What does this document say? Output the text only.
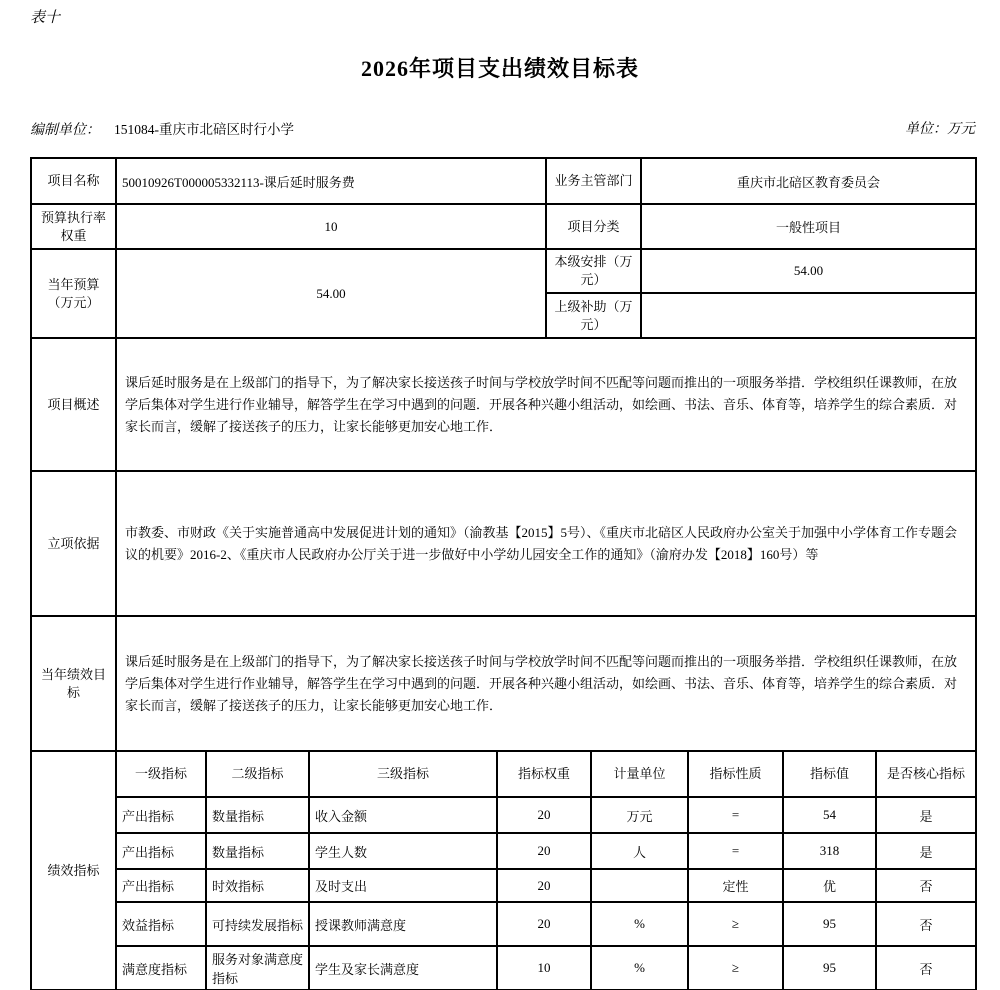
表十
2026年项目支出绩效目标表
编制单位： 151084-重庆市北碚区时行小学	单位：万元
项目名称	50010926T000005332113-课后延时服务费	业务主管部门	重庆市北碚区教育委员会
预算执行率权重	10	项目分类	一般性项目
当年预算（万元）	54.00	本级安排（万元）	54.00
		上级补助（万元）	
项目概述	课后延时服务是在上级部门的指导下，为了解决家长接送孩子时间与学校放学时间不匹配等问题而推出的一项服务举措．学校组织任课教师，在放学后集体对学生进行作业辅导，解答学生在学习中遇到的问题．开展各种兴趣小组活动，如绘画、书法、音乐、体育等，培养学生的综合素质．对家长而言，缓解了接送孩子的压力，让家长能够更加安心地工作．
立项依据	市教委、市财政《关于实施普通高中发展促进计划的通知》（渝教基【2015】5号）、《重庆市北碚区人民政府办公室关于加强中小学体育工作专题会议的机要》2016-2、《重庆市人民政府办公厅关于进一步做好中小学幼儿园安全工作的通知》（渝府办发【2018】160号）等
当年绩效目标	课后延时服务是在上级部门的指导下，为了解决家长接送孩子时间与学校放学时间不匹配等问题而推出的一项服务举措．学校组织任课教师，在放学后集体对学生进行作业辅导，解答学生在学习中遇到的问题．开展各种兴趣小组活动，如绘画、书法、音乐、体育等，培养学生的综合素质．对家长而言，缓解了接送孩子的压力，让家长能够更加安心地工作．
绩效指标	一级指标	二级指标	三级指标	指标权重	计量单位	指标性质	指标值	是否核心指标
	产出指标	数量指标	收入金额	20	万元	=	54	是
	产出指标	数量指标	学生人数	20	人	=	318	是
	产出指标	时效指标	及时支出	20		定性	优	否
	效益指标	可持续发展指标	授课教师满意度	20	%	≥	95	否
	满意度指标	服务对象满意度指标	学生及家长满意度	10	%	≥	95	否
